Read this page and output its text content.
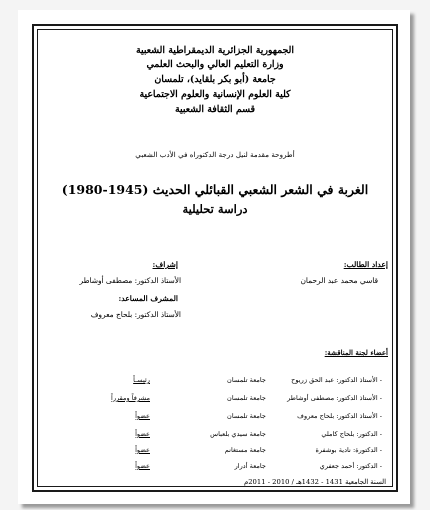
الجمهورية الجزائرية الديمقراطية الشعبية
وزارة التعليم العالي والبحث العلمي
جامعة (أبو بكر بلقايد)، تلمسان
كلية العلوم الإنسانية والعلوم الاجتماعية
قسم الثقافة الشعبية
أطروحة مقدمة لنيل درجة الدكتوراه في الأدب الشعبي
الغربة في الشعر الشعبي القبائلي الحديث (1945-1980)
دراسة تحليلية
إعداد الطالب:
قاسي محمد عبد الرحمان
إشراف:
الأستاذ الدكتور: مصطفى أوشاطر
المشرف المساعد:
الأستاذ الدكتور: بلحاج معروف
أعضاء لجنة المناقشة:
- الأستاذ الدكتور: عبد الحق زريوح
جامعة تلمسان
رئيسـاً
- الأستاذ الدكتور: مصطفى أوشاطر
جامعة تلمسان
مشرفاً ومقرراً
- الأستاذ الدكتور: بلحاج معروف
جامعة تلمسان
عضواً
- الدكتور: بلحاج كاملي
جامعة سيدي بلعباس
عضواً
- الدكتورة: نادية بوشفرة
جامعة مستغانم
عضواً
- الدكتور: أحمد جعفري
جامعة أدرار
عضواً
السنة الجامعية 1431 - 1432هـ / 2010 - 2011م
